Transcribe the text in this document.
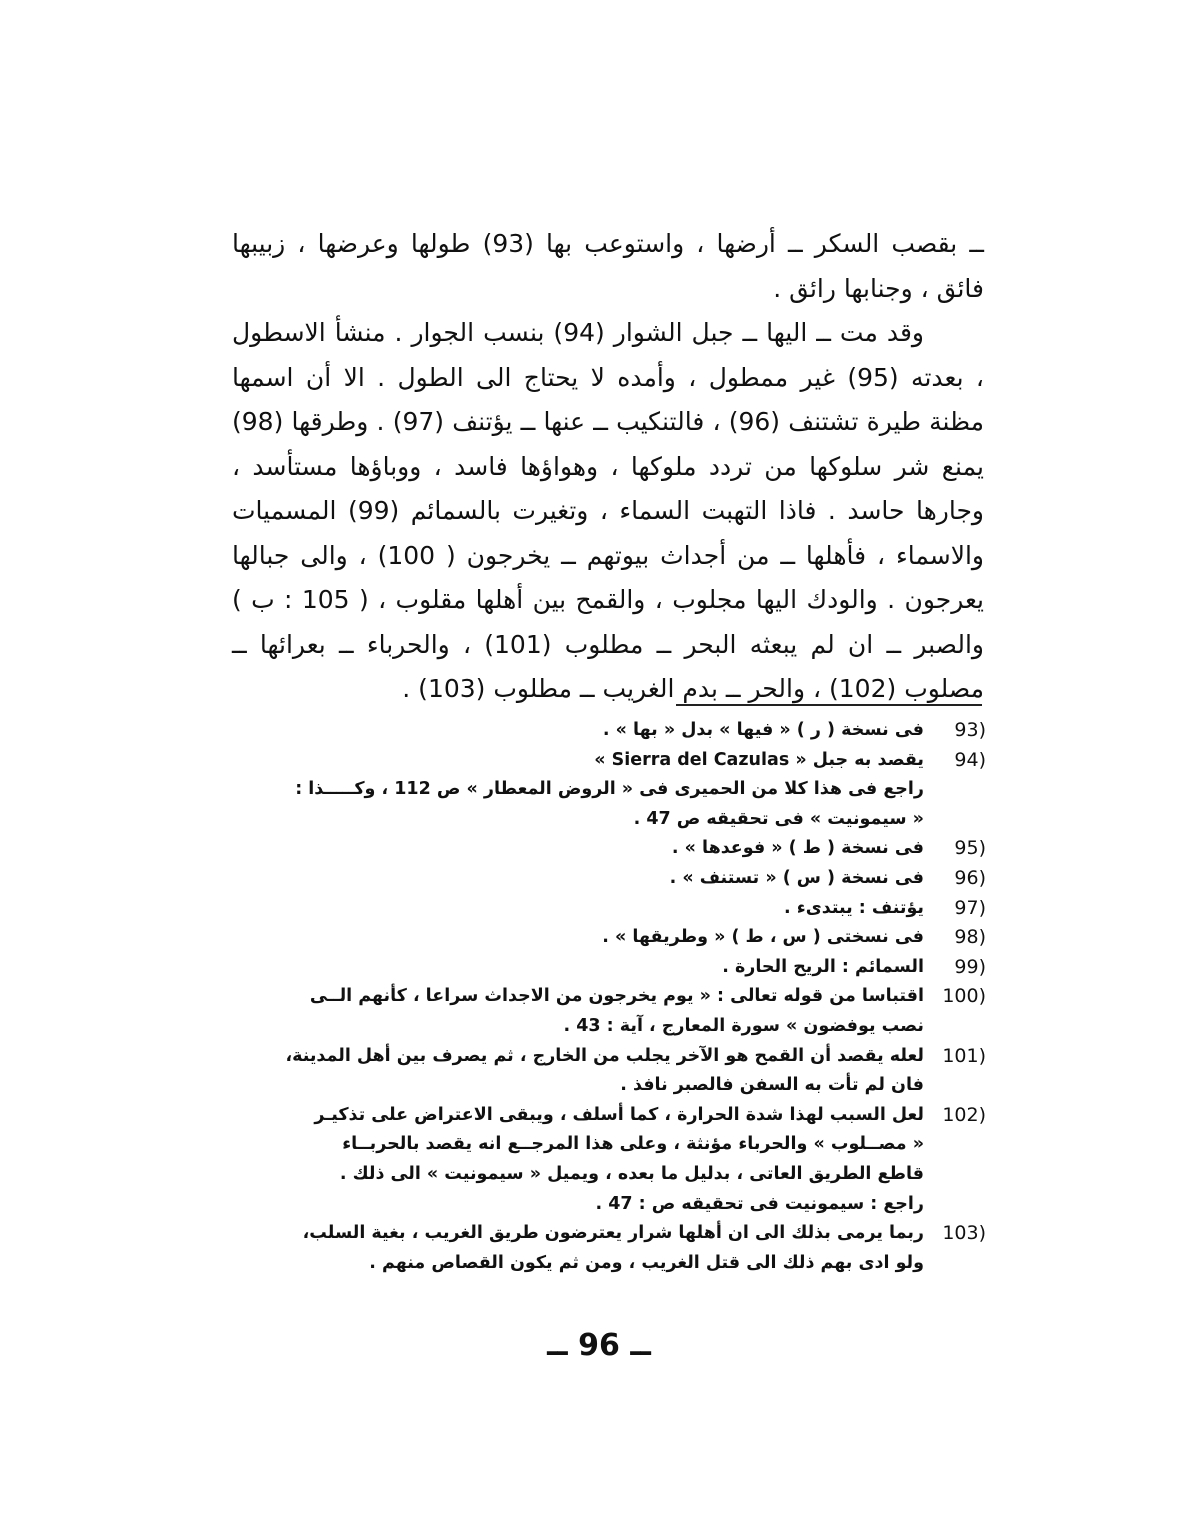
ــ بقصب السكر ــ أرضها ، واستوعب بها (93) طولها وعرضها ، زبيبها فائق ، وجنابها رائق .

وقد مت ــ اليها ــ جبل الشوار (94) بنسب الجوار . منشأ الاسطول ، بعدته (95) غير ممطول ، وأمده لا يحتاج الى الطول . الا أن اسمها مظنة طيرة تشتنف (96) ، فالتنكيب ــ عنها ــ يؤتنف (97) . وطرقها (98) يمنع شر سلوكها من تردد ملوكها ، وهواؤها فاسد ، ووباؤها مستأسد ، وجارها حاسد . فاذا التهبت السماء ، وتغيرت بالسمائم (99) المسميات والاسماء ، فأهلها ــ من أجداث بيوتهم ــ يخرجون ( 100) ، والى جبالها يعرجون . والودك اليها مجلوب ، والقمح بين أهلها مقلوب ، ( 105 : ب ) والصبر ــ ان لم يبعثه البحر ــ مطلوب (101) ، والحرباء ــ بعرائها ــ مصلوب (102) ، والحر ــ بدم الغريب ــ مطلوب (103) .

93)
فى نسخة ( ر ) « فيها » بدل « بها » .
94)
يقصد به جبل « Sierra del Cazulas »
راجع فى هذا كلا من الحميرى فى « الروض المعطار » ص 112 ، وكـــــذا :
« سيمونيت » فى تحقيقه ص 47 .
95)
فى نسخة ( ط ) « فوعدها » .
96)
فى نسخة ( س ) « تستنف » .
97)
يؤتنف : يبتدىء .
98)
فى نسختى ( س ، ط ) « وطريقها » .
99)
السمائم : الريح الحارة .
100)
اقتباسا من قوله تعالى : « يوم يخرجون من الاجداث سراعا ، كأنهم الــى
نصب يوفضون » سورة المعارج ، آية : 43 .
101)
لعله يقصد أن القمح هو الآخر يجلب من الخارج ، ثم يصرف بين أهل المدينة،
فان لم تأت به السفن فالصبر نافذ .
102)
لعل السبب لهذا شدة الحرارة ، كما أسلف ، ويبقى الاعتراض على تذكيـر
« مصــلوب » والحرباء مؤنثة ، وعلى هذا المرجــع انه يقصد بالحربــاء
قاطع الطريق العاتى ، بدليل ما بعده ، ويميل « سيمونيت » الى ذلك .
راجع : سيمونيت فى تحقيقه ص : 47 .
103)
ربما يرمى بذلك الى ان أهلها شرار يعترضون طريق الغريب ، بغية السلب،
ولو ادى بهم ذلك الى قتل الغريب ، ومن ثم يكون القصاص منهم .
ــ 96 ــ
